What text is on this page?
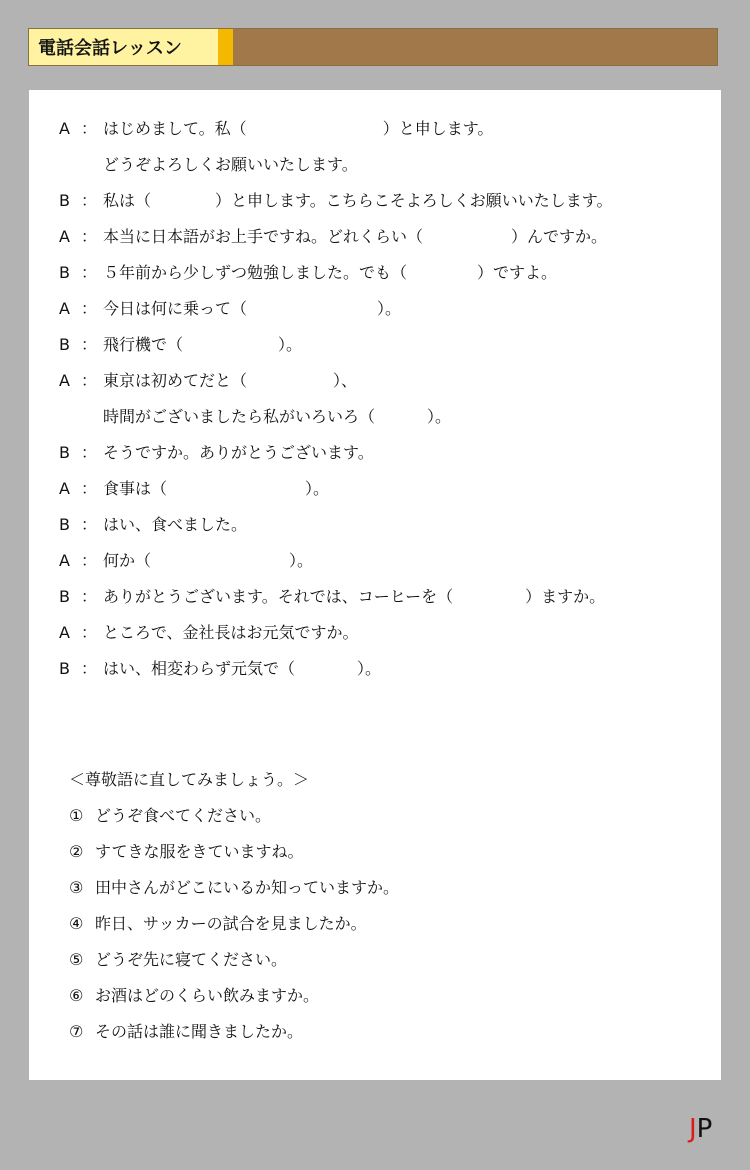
電話会話レッスン
A ： はじめまして。私（	）と申します。
どうぞよろしくお願いいたします。
B ： 私は（	）と申します。こちらこそよろしくお願いいたします。
A ： 本当に日本語がお上手ですね。どれくらい（	）んですか。
B ： ５年前から少しずつ勉強しました。でも（	）ですよ。
A ： 今日は何に乗って（	）。
B ： 飛行機で（	）。
A ： 東京は初めてだと（	）、
時間がございましたら私がいろいろ（	）。
B ： そうですか。ありがとうございます。
A ： 食事は（	）。
B ： はい、食べました。
A ： 何か（	）。
B ： ありがとうございます。それでは、コーヒーを（	）ますか。
A ： ところで、金社長はお元気ですか。
B ： はい、相変わらず元気で（	）。
＜尊敬語に直してみましょう。＞
① どうぞ食べてください。
② すてきな服をきていますね。
③ 田中さんがどこにいるか知っていますか。
④ 昨日、サッカーの試合を見ましたか。
⑤ どうぞ先に寝てください。
⑥ お酒はどのくらい飲みますか。
⑦ その話は誰に聞きましたか。
JP
